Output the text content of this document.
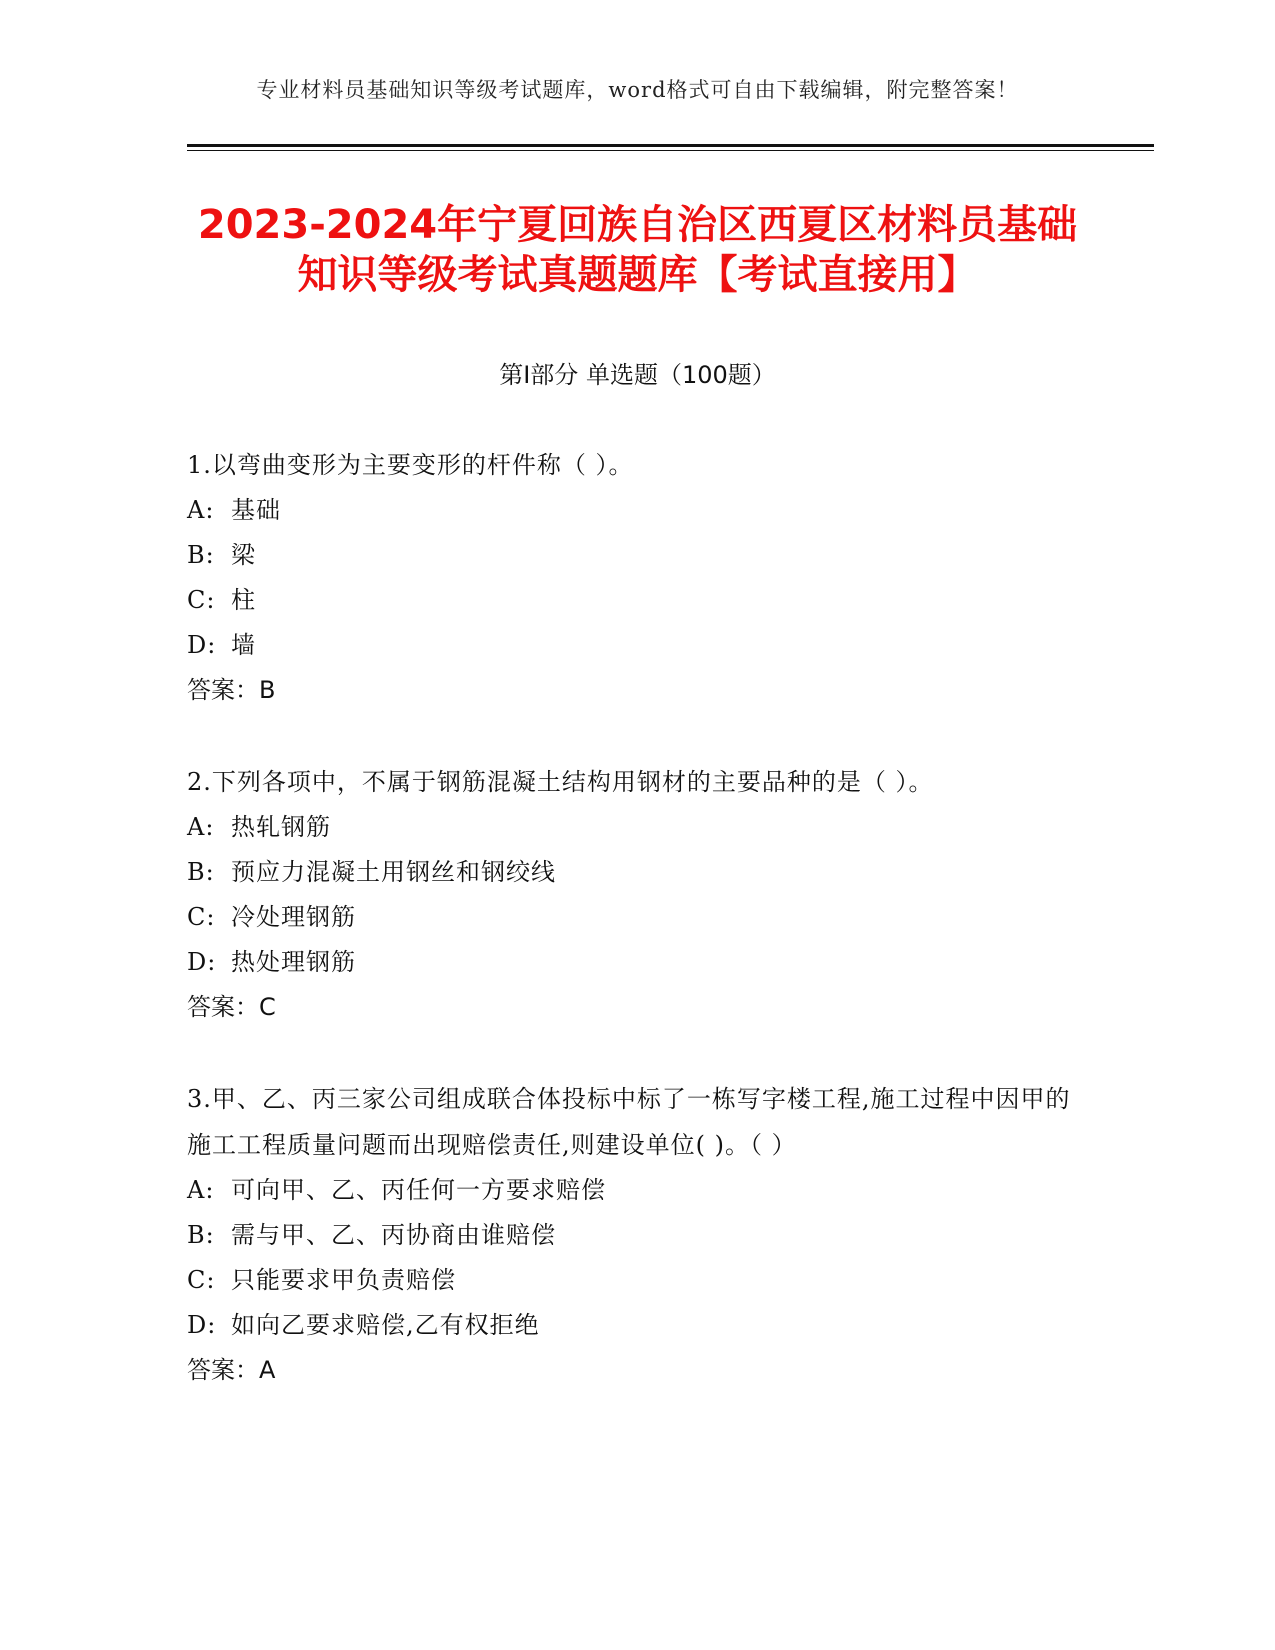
专业材料员基础知识等级考试题库，word格式可自由下载编辑，附完整答案！
2023-2024年宁夏回族自治区西夏区材料员基础知识等级考试真题题库【考试直接用】
第Ⅰ部分 单选题（100题）
1.以弯曲变形为主要变形的杆件称（ ）。
A: 基础
B: 梁
C: 柱
D: 墙
答案：B
2.下列各项中，不属于钢筋混凝土结构用钢材的主要品种的是（ ）。
A: 热轧钢筋
B: 预应力混凝土用钢丝和钢绞线
C: 冷处理钢筋
D: 热处理钢筋
答案：C
3.甲、乙、丙三家公司组成联合体投标中标了一栋写字楼工程,施工过程中因甲的施工工程质量问题而出现赔偿责任,则建设单位( )。（ ）
A: 可向甲、乙、丙任何一方要求赔偿
B: 需与甲、乙、丙协商由谁赔偿
C: 只能要求甲负责赔偿
D: 如向乙要求赔偿,乙有权拒绝
答案：A
